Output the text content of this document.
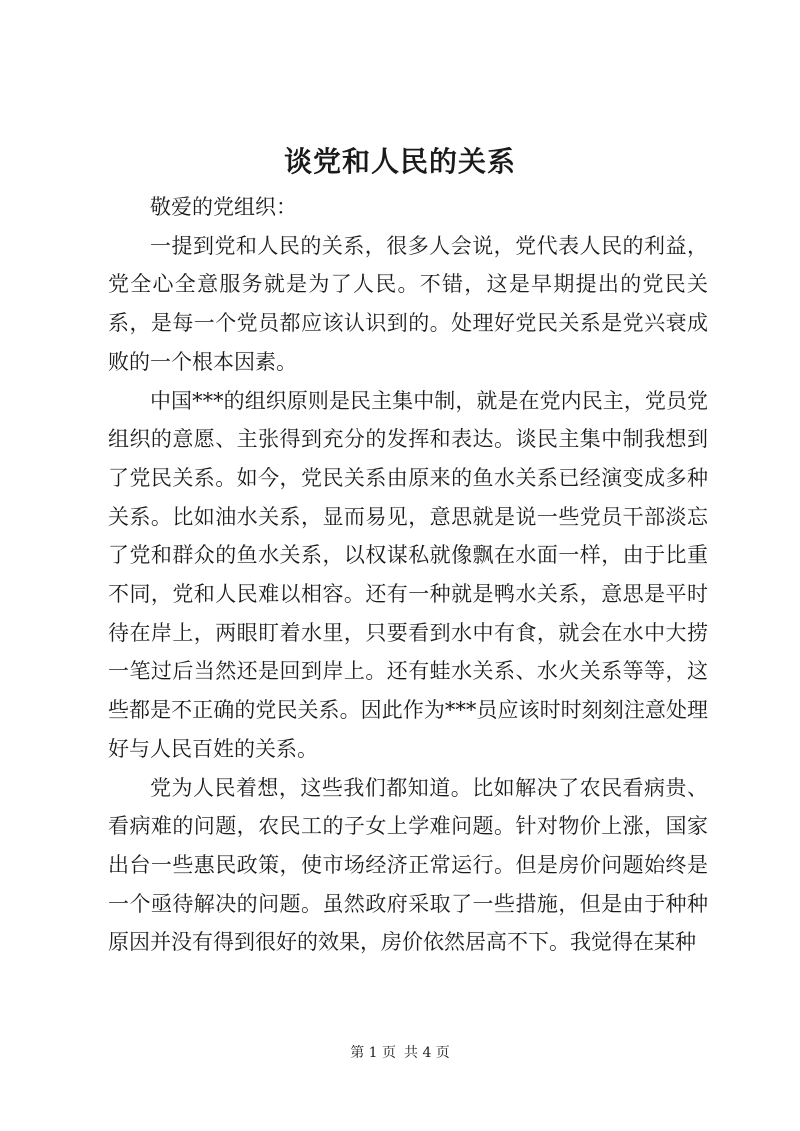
谈党和人民的关系

敬爱的党组织：

一提到党和人民的关系，很多人会说，党代表人民的利益，党全心全意服务就是为了人民。不错，这是早期提出的党民关系，是每一个党员都应该认识到的。处理好党民关系是党兴衰成败的一个根本因素。

中国***的组织原则是民主集中制，就是在党内民主，党员党组织的意愿、主张得到充分的发挥和表达。谈民主集中制我想到了党民关系。如今，党民关系由原来的鱼水关系已经演变成多种关系。比如油水关系，显而易见，意思就是说一些党员干部淡忘了党和群众的鱼水关系，以权谋私就像飘在水面一样，由于比重不同，党和人民难以相容。还有一种就是鸭水关系，意思是平时待在岸上，两眼盯着水里，只要看到水中有食，就会在水中大捞一笔过后当然还是回到岸上。还有蛙水关系、水火关系等等，这些都是不正确的党民关系。因此作为***员应该时时刻刻注意处理好与人民百姓的关系。

党为人民着想，这些我们都知道。比如解决了农民看病贵、看病难的问题，农民工的子女上学难问题。针对物价上涨，国家出台一些惠民政策，使市场经济正常运行。但是房价问题始终是一个亟待解决的问题。虽然政府采取了一些措施，但是由于种种原因并没有得到很好的效果，房价依然居高不下。我觉得在某种

第 1 页 共 4 页
